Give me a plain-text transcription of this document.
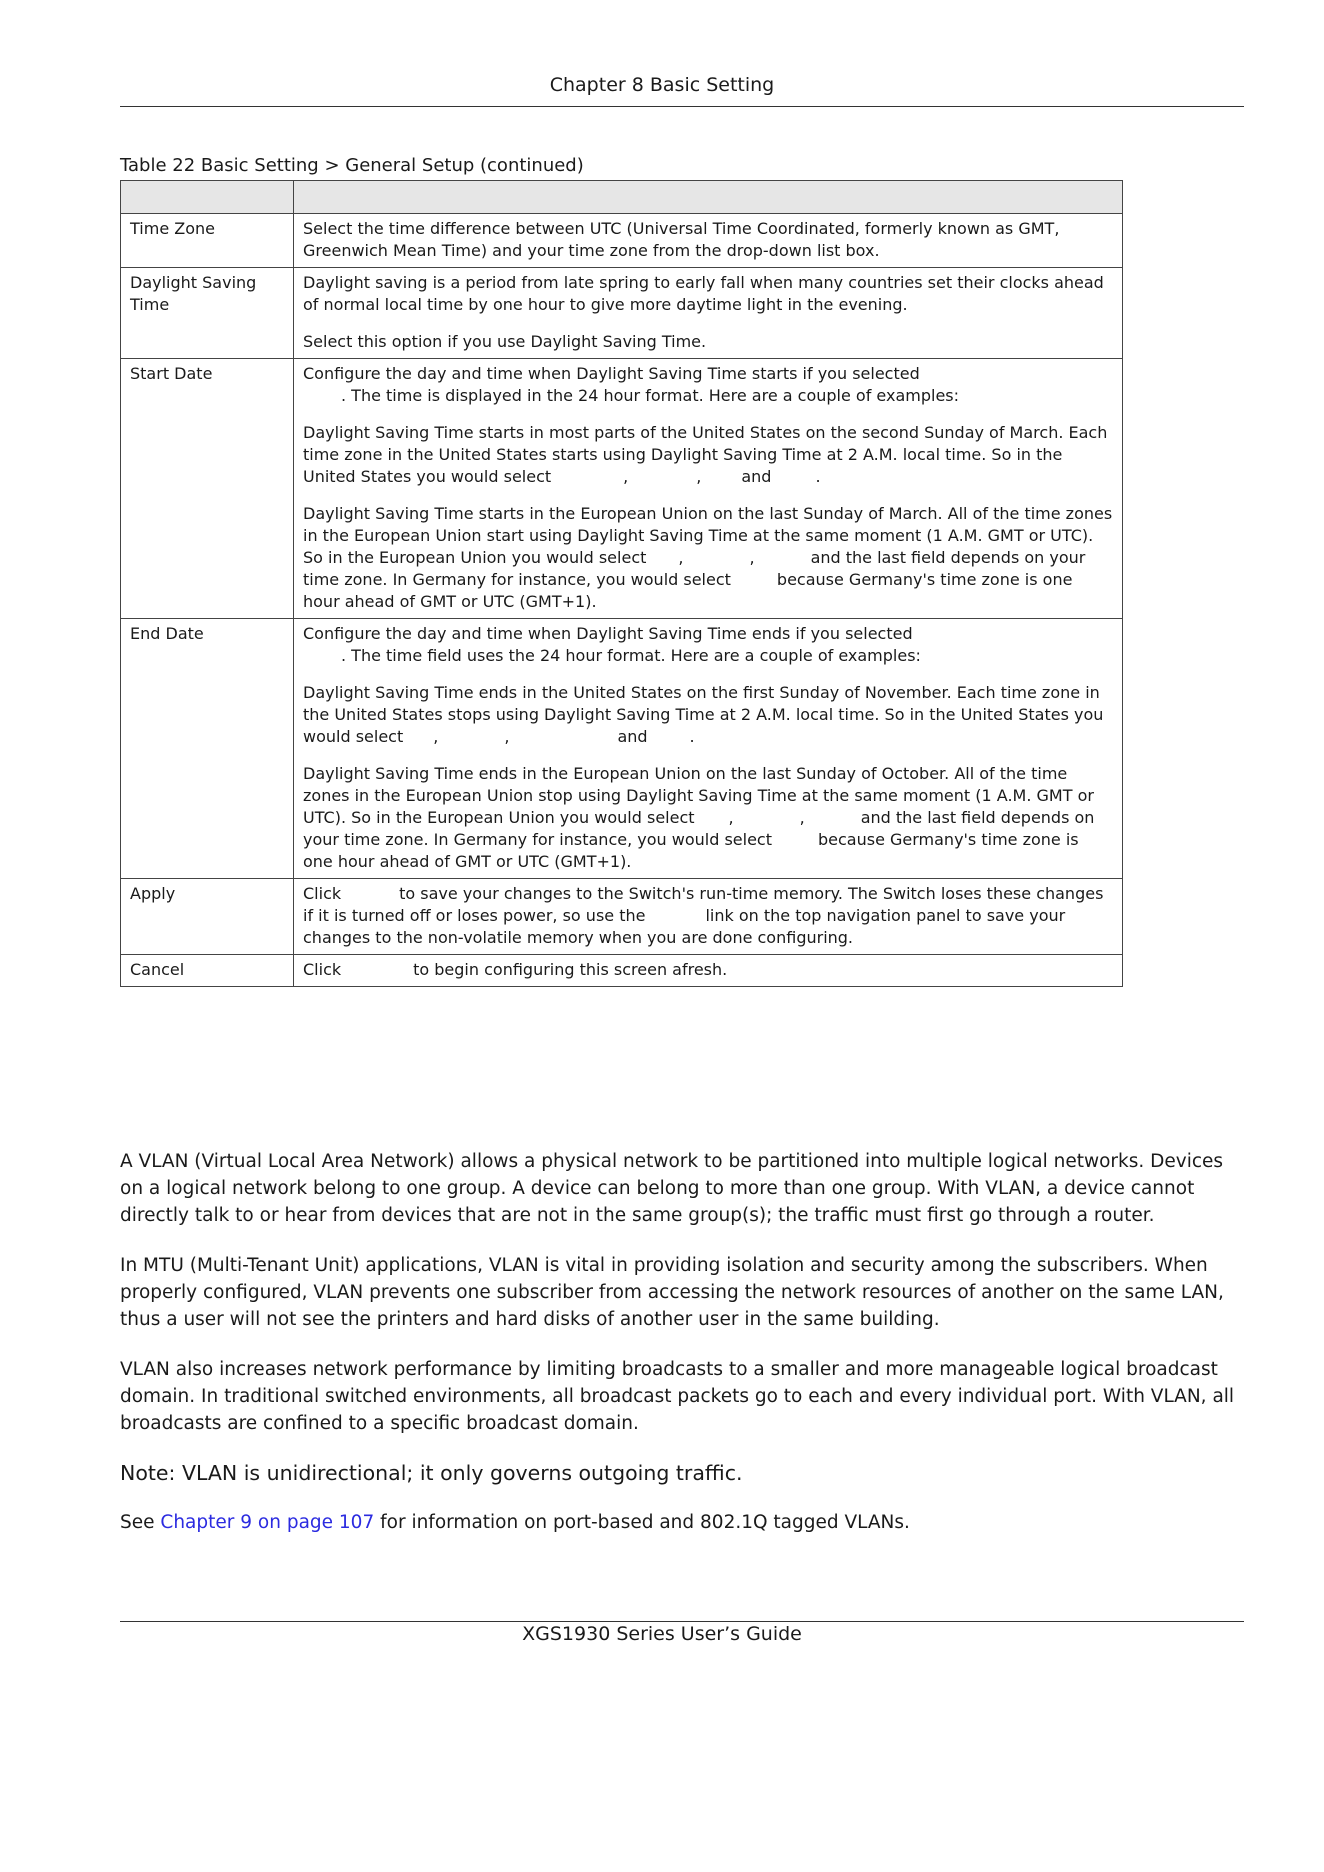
Chapter 8 Basic Setting
Table 22 Basic Setting > General Setup (continued)

Time Zone	Select the time difference between UTC (Universal Time Coordinated, formerly known as GMT, Greenwich Mean Time) and your time zone from the drop-down list box.

Daylight Saving Time	Daylight saving is a period from late spring to early fall when many countries set their clocks ahead of normal local time by one hour to give more daytime light in the evening.

Select this option if you use Daylight Saving Time.

Start Date	Configure the day and time when Daylight Saving Time starts if you selected
. The time is displayed in the 24 hour format. Here are a couple of examples:

Daylight Saving Time starts in most parts of the United States on the second Sunday of March. Each time zone in the United States starts using Daylight Saving Time at 2 A.M. local time. So in the United States you would select , , and .

Daylight Saving Time starts in the European Union on the last Sunday of March. All of the time zones in the European Union start using Daylight Saving Time at the same moment (1 A.M. GMT or UTC). So in the European Union you would select , , and the last field depends on your time zone. In Germany for instance, you would select because Germany's time zone is one hour ahead of GMT or UTC (GMT+1).

End Date	Configure the day and time when Daylight Saving Time ends if you selected
. The time field uses the 24 hour format. Here are a couple of examples:

Daylight Saving Time ends in the United States on the first Sunday of November. Each time zone in the United States stops using Daylight Saving Time at 2 A.M. local time. So in the United States you would select , , and .

Daylight Saving Time ends in the European Union on the last Sunday of October. All of the time zones in the European Union stop using Daylight Saving Time at the same moment (1 A.M. GMT or UTC). So in the European Union you would select , , and the last field depends on your time zone. In Germany for instance, you would select because Germany's time zone is one hour ahead of GMT or UTC (GMT+1).

Apply	Click to save your changes to the Switch's run-time memory. The Switch loses these changes if it is turned off or loses power, so use the link on the top navigation panel to save your changes to the non-volatile memory when you are done configuring.

Cancel	Click to begin configuring this screen afresh.

A VLAN (Virtual Local Area Network) allows a physical network to be partitioned into multiple logical networks. Devices on a logical network belong to one group. A device can belong to more than one group. With VLAN, a device cannot directly talk to or hear from devices that are not in the same group(s); the traffic must first go through a router.

In MTU (Multi-Tenant Unit) applications, VLAN is vital in providing isolation and security among the subscribers. When properly configured, VLAN prevents one subscriber from accessing the network resources of another on the same LAN, thus a user will not see the printers and hard disks of another user in the same building.

VLAN also increases network performance by limiting broadcasts to a smaller and more manageable logical broadcast domain. In traditional switched environments, all broadcast packets go to each and every individual port. With VLAN, all broadcasts are confined to a specific broadcast domain.

Note: VLAN is unidirectional; it only governs outgoing traffic.

See Chapter 9 on page 107 for information on port-based and 802.1Q tagged VLANs.

XGS1930 Series User’s Guide
